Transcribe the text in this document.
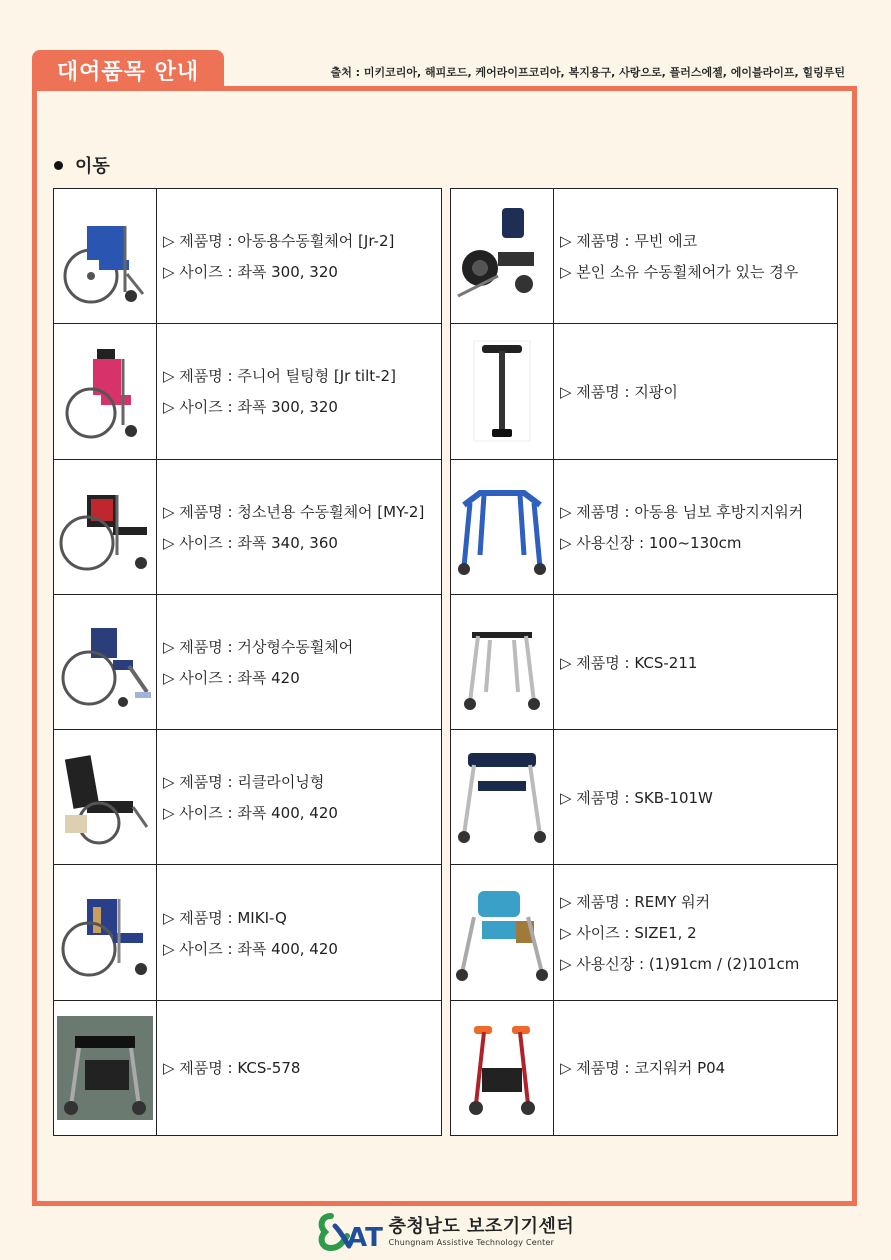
대여품목 안내	출처 : 미키코리아, 해피로드, 케어라이프코리아, 복지용구, 사랑으로, 플러스에젤, 에이블라이프, 힐링루틴
이동
▷ 제품명 : 아동용수동휠체어 [Jr-2]
▷ 사이즈 : 좌폭 300, 320
▷ 제품명 : 주니어 틸팅형 [Jr tilt-2]
▷ 사이즈 : 좌폭 300, 320
▷ 제품명 : 청소년용 수동휠체어 [MY-2]
▷ 사이즈 : 좌폭 340, 360
▷ 제품명 : 거상형수동휠체어
▷ 사이즈 : 좌폭 420
▷ 제품명 : 리클라이닝형
▷ 사이즈 : 좌폭 400, 420
▷ 제품명 : MIKI-Q
▷ 사이즈 : 좌폭 400, 420
▷ 제품명 : KCS-578
▷ 제품명 : 무빈 에코
▷ 본인 소유 수동휠체어가 있는 경우
▷ 제품명 : 지팡이
▷ 제품명 : 아동용 님보 후방지지워커
▷ 사용신장 : 100~130cm
▷ 제품명 : KCS-211
▷ 제품명 : SKB-101W
▷ 제품명 : REMY 워커
▷ 사이즈 : SIZE1, 2
▷ 사용신장 : (1)91cm / (2)101cm
▷ 제품명 : 코지워커 P04
AT 충청남도 보조기기센터
Chungnam Assistive Technology Center
